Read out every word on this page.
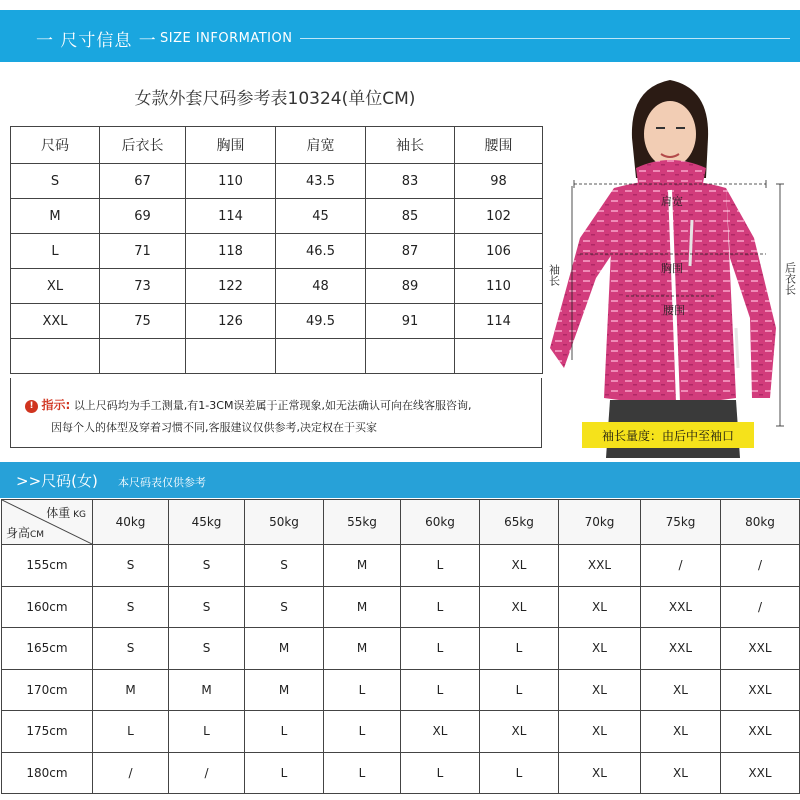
一 尺寸信息 一 SIZE INFORMATION
女款外套尺码参考表10324(单位CM)
尺码	后衣长	胸围	肩宽	袖长	腰围
S	67	110	43.5	83	98
M	69	114	45	85	102
L	71	118	46.5	87	106
XL	73	122	48	89	110
XXL	75	126	49.5	91	114

! 指示: 以上尺码均为手工测量,有1-3CM误差属于正常现象,如无法确认可向在线客服咨询,
因每个人的体型及穿着习惯不同,客服建议仅供参考,决定权在于买家
肩宽
胸围
腰围
袖长	后衣长
袖长量度：由后中至袖口
>>尺码(女) 本尺码表仅供参考
体重 KG
身高CM	40kg	45kg	50kg	55kg	60kg	65kg	70kg	75kg	80kg
155cm	S	S	S	M	L	XL	XXL	/	/
160cm	S	S	S	M	L	XL	XL	XXL	/
165cm	S	S	M	M	L	L	XL	XXL	XXL
170cm	M	M	M	L	L	L	XL	XL	XXL
175cm	L	L	L	L	XL	XL	XL	XL	XXL
180cm	/	/	L	L	L	L	XL	XL	XXL
